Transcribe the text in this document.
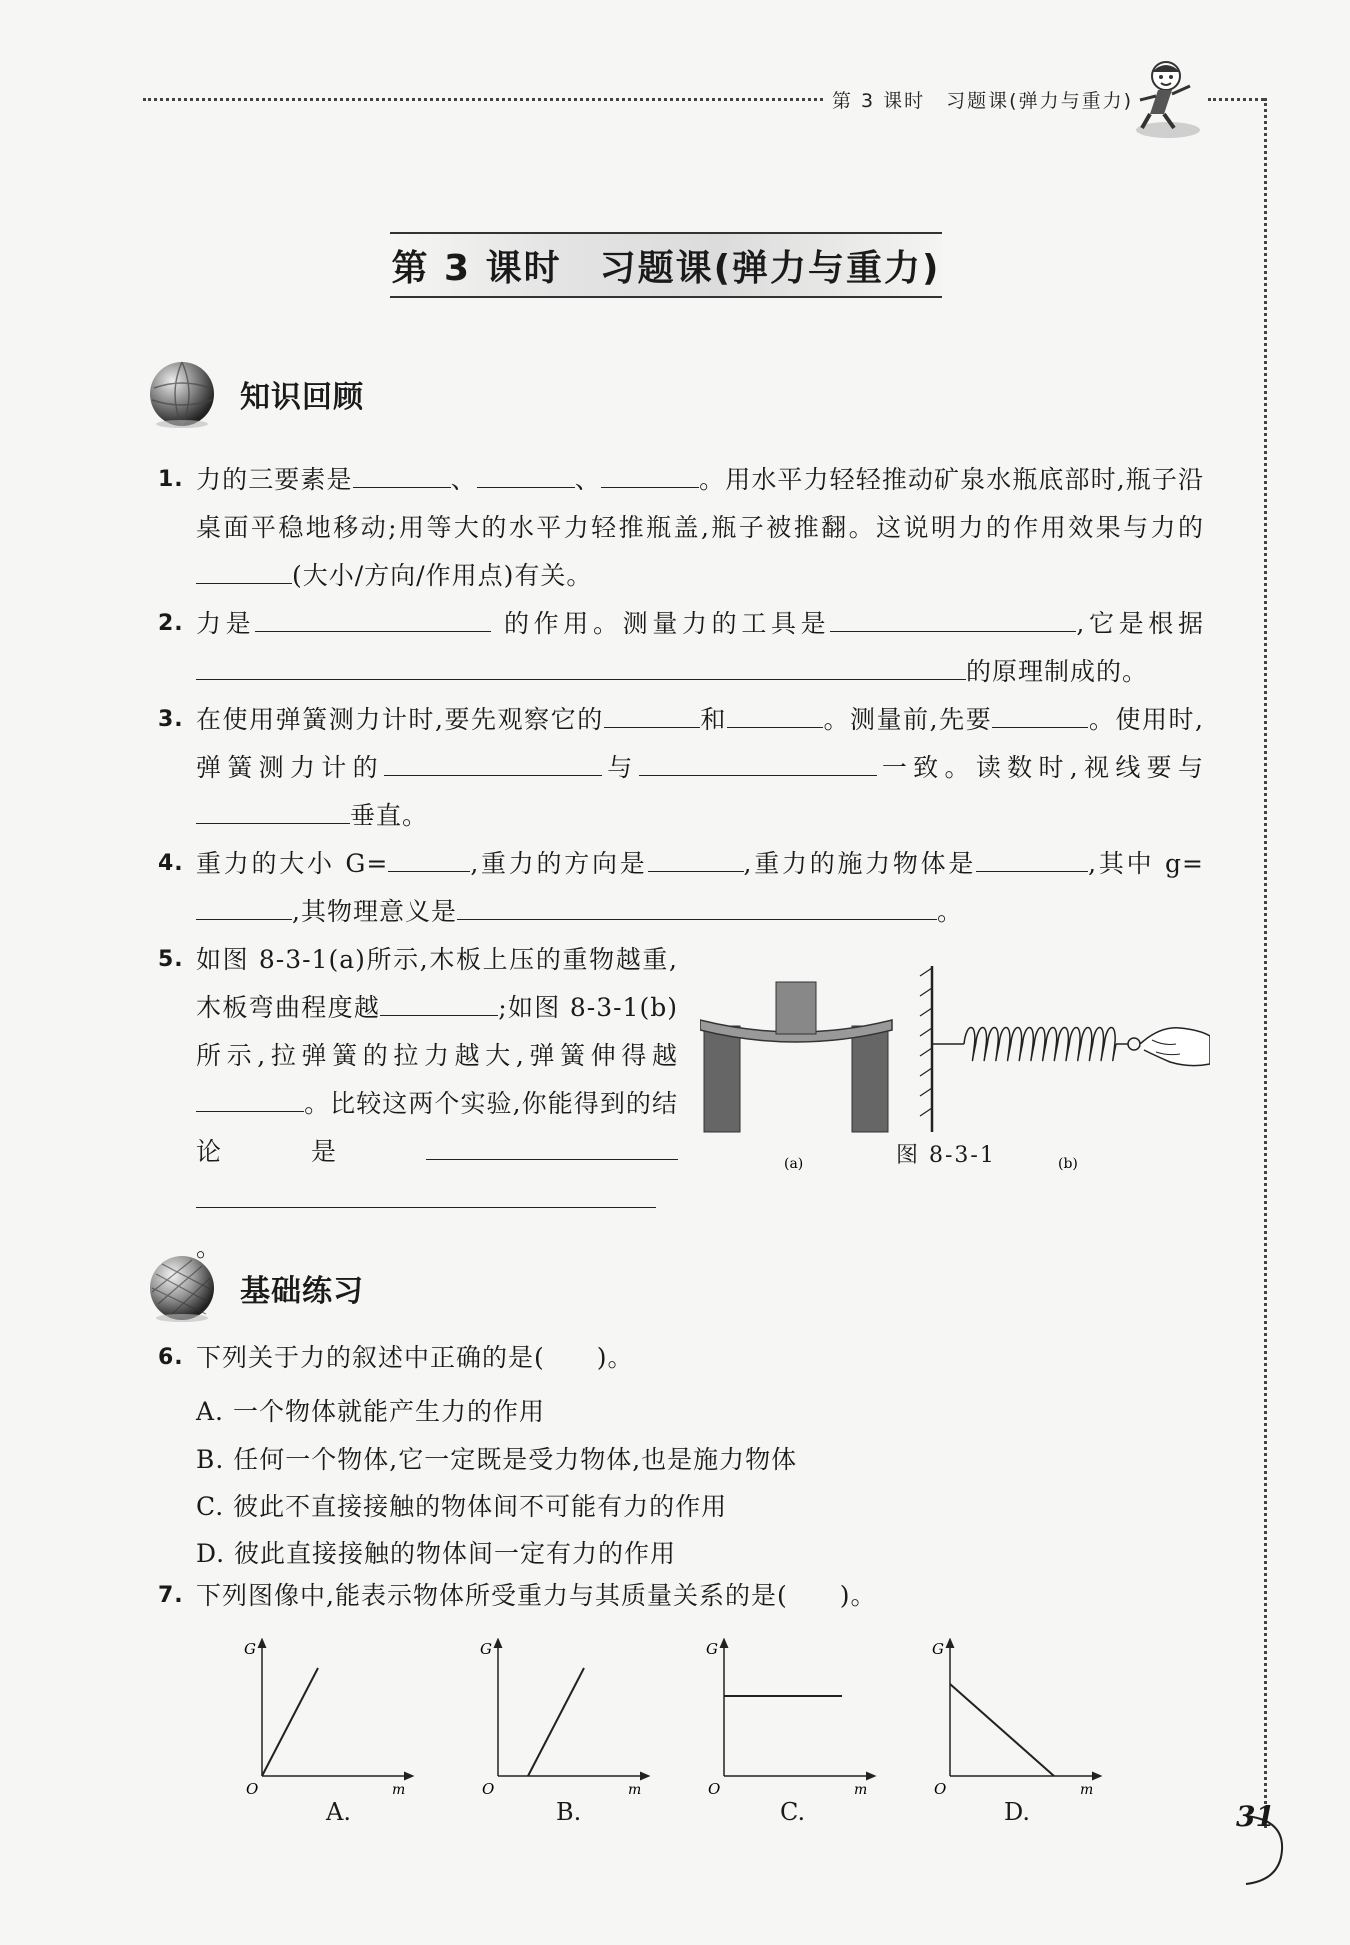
第 3 课时　习题课(弹力与重力)
第 3 课时 习题课(弹力与重力)
知识回顾
1. 力的三要素是	、	、	。用水平力轻轻推动矿泉水瓶底部时,瓶子沿桌面平稳地移动;用等大的水平力轻推瓶盖,瓶子被推翻。这说明力的作用效果与力的(大小/方向/作用点)有关。
2. 力是	的作用。测量力的工具是	,它是根据的原理制成的。
3. 在使用弹簧测力计时,要先观察它的	和	。测量前,先要	。使用时,弹簧测力计的	与	一致。读数时,视线要与垂直。
4. 重力的大小 G=	,重力的方向是	,重力的施力物体是	,其中 g=,其物理意义是	。
5. 如图 8-3-1(a)所示,木板上压的重物越重,木板弯曲程度越	;如图 8-3-1(b)所示,拉弹簧的拉力越大,弹簧伸得越。比较这两个实验,你能得到的结论是。
(a)	(b)
图 8-3-1
基础练习
6. 下列关于力的叙述中正确的是(　　)。
A. 一个物体就能产生力的作用
B. 任何一个物体,它一定既是受力物体,也是施力物体
C. 彼此不直接接触的物体间不可能有力的作用
D. 彼此直接接触的物体间一定有力的作用
7. 下列图像中,能表示物体所受重力与其质量关系的是(　　)。
G
O	m
G
O	m
G
O	m
G
O	m
A.	B.	C.	D.	31
